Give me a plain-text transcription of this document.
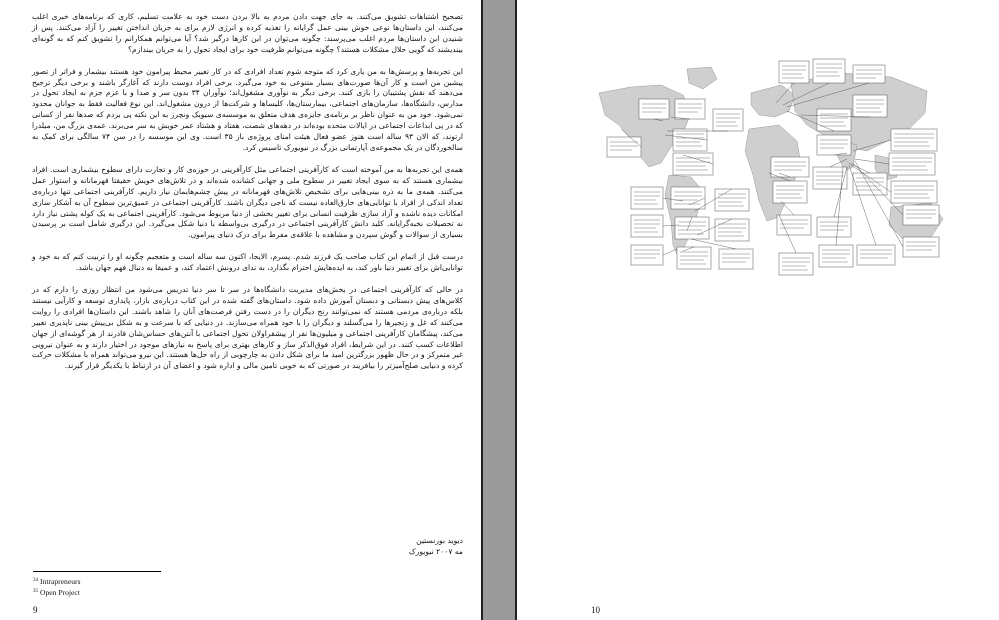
تصحیح اشتباهات تشویق می‌کنند. به جای جهت دادن مردم به بالا بردن دست خود به علامت تسلیم، کاری که برنامه‌های خبری اغلب می‌کنند، این داستان‌ها نوعی خوش بینی عمل گرایانه را تغذیه کرده و انرژی لازم برای به جریان انداختن تغییر را آزاد می‌کنند. پس از شنیدن این داستان‌ها مردم اغلب می‌پرسند: چگونه می‌توان در این کارها درگیر شد؟ آیا می‌توانم همکارانم را تشویق کنم که به گونه‌ای بیندیشند که گویی حلال مشکلات هستند؟ چگونه می‌توانم ظرفیت خود برای ایجاد تحول را به جریان بیندازم؟

این تجربه‌ها و پرسش‌ها به من یاری کرد که متوجه شوم تعداد افرادی که در کار تغییر محیط پیرامون خود هستند بیشمار و فراتر از تصور پیشین من است و کار آن‌ها صورت‌های بسیار متنوعی به خود می‌گیرد. برخی افراد دوست دارند که آغازگر باشند و برخی دیگر ترجیح می‌دهند که نقش پشتیبان را بازی کنند. برخی دیگر به نوآوری مشغول‌اند؛ نوآوران ۳۴ بدون سر و صدا و با عزم جزم به ایجاد تحول در مدارس، دانشگاه‌ها، سازمان‌های اجتماعی، بیمارستان‌ها، کلیساها و شرکت‌ها از درون مشغول‌اند. این نوع فعالیت فقط به جوانان محدود نمی‌شود. خود من به عنوان ناظر بر برنامه‌ی جایزه‌ی هدف متعلق به موسسه‌ی سیویک ونچرز به این نکته پی بردم که صدها نفر از کسانی که در پی ابداعات اجتماعی در ایالات متحده بوده‌اند در دهه‌های شصت، هفتاد و هشتاد عمر خویش به سر می‌برند. عمه‌ی بزرگ من، میلدرا ارتوند، که الان ۹۳ ساله است هنوز عضو فعال هیئت امنای پروژه‌ی باز ۳۵ است. وی این موسسه را در سن ۷۴ سالگی برای کمک به سالخوردگان در یک مجموعه‌ی آپارتمانی بزرگ در نیویورک تاسیس کرد.

همه‌ی این تجربه‌ها به من آموخته است که کارآفرینی اجتماعی مثل کارآفرینی در حوزه‌ی کار و تجارت دارای سطوح بیشماری است. افراد بیشماری هستند که به سوی ایجاد تغییر در سطوح ملی و جهانی کشانده شده‌اند و در تلاش‌های خویش حقیقتا قهرمانانه و استوار عمل می‌کنند. همه‌ی ما به ذره بینی‌هایی برای تشخیص تلاش‌های قهرمانانه در پیش چشم‌هایمان نیاز داریم. کارآفرینی اجتماعی تنها درباره‌ی تعداد اندکی از افراد با توانایی‌های خارق‌العاده نیست که ناجی دیگران باشند. کارآفرینی اجتماعی در عمیق‌ترین سطوح آن به آشکار سازی امکانات دیده ناشده و آزاد سازی ظرفیت انسانی برای تغییر بخشی از دنیا مربوط می‌شود. کارآفرینی اجتماعی به یک کوله پشتی نیاز دارد نه تحصیلات نخبه‌گرایانه. کلید دانش کارآفرینی اجتماعی در درگیری بی‌واسطه با دنیا شکل می‌گیرد. این درگیری شامل است بر پرسیدن بسیاری از سوالات و گوش سپردن و مشاهده با علاقه‌ی مفرط برای درک دنیای پیرامون.

درست قبل از اتمام این کتاب صاحب یک فرزند شدم. پسرم، الایجا، اکنون سه ساله است و متعجبم چگونه او را تربیت کنم که به خود و توانایی‌اش برای تغییر دنیا باور کند، به ایده‌هایش احترام بگذارد، به ندای درونش اعتماد کند، و عمیقا به دنبال فهم جهان باشد.

در حالی که کارآفرینی اجتماعی در بخش‌های مدیریت دانشگاه‌ها در سر تا سر دنیا تدریس می‌شود من انتظار روزی را دارم که در کلاس‌های پیش دبستانی و دبستان آموزش داده شود. داستان‌های گفته شده در این کتاب درباره‌ی بازار، پایداری توسعه و کارآیی نیستند بلکه درباره‌ی مردمی هستند که نمی‌توانند رنج دیگران را در دست رفتن فرصت‌های آنان را شاهد باشند. این داستان‌ها افرادی را روایت می‌کنند که غل و زنجیرها را می‌گسلند و دیگران را با خود همراه می‌سازند. در دنیایی که با سرعت و به شکل بی‌پیش بینی ناپذیری تغییر می‌کند، پیشگامان کارآفرینی اجتماعی و میلیون‌ها نفر از پیشقراولان تحول اجتماعی با آنتن‌های حساس‌شان قادرند از هر گوشه‌ای از جهان اطلاعات کسب کنند. در این شرایط، افراد فوق‌الذکر ساز و کارهای بهتری برای پاسخ به نیازهای موجود در اختیار دارند و به عنوان نیرویی غیر متمرکز و در حال ظهور بزرگترین امید ما برای شکل دادن به چارچوبی از راه حل‌ها هستند. این نیرو می‌تواند همراه با مشکلات حرکت کرده و دنیایی صلح‌آمیزتر را بیافریند در صورتی که به خوبی تامین مالی و اداره شود و اعضای آن در ارتباط با یکدیگر قرار گیرند.

دیوید بورنستین
مه ۲۰۰۷ نیویورک
$^{34}$ Intrapreneurs
$^{35}$ Open Project
9	10
